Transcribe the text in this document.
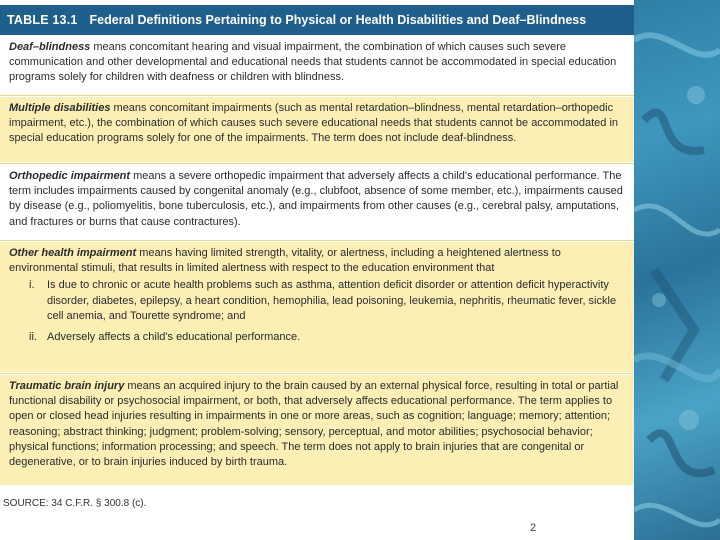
TABLE 13.1 Federal Definitions Pertaining to Physical or Health Disabilities and Deaf–Blindness
Deaf–blindness means concomitant hearing and visual impairment, the combination of which causes such severe communication and other developmental and educational needs that students cannot be accommodated in special education programs solely for children with deafness or children with blindness.
Multiple disabilities means concomitant impairments (such as mental retardation–blindness, mental retardation–orthopedic impairment, etc.), the combination of which causes such severe educational needs that students cannot be accommodated in special education programs solely for one of the impairments. The term does not include deaf-blindness.
Orthopedic impairment means a severe orthopedic impairment that adversely affects a child's educational performance. The term includes impairments caused by congenital anomaly (e.g., clubfoot, absence of some member, etc.), impairments caused by disease (e.g., poliomyelitis, bone tuberculosis, etc.), and impairments from other causes (e.g., cerebral palsy, amputations, and fractures or burns that cause contractures).
Other health impairment means having limited strength, vitality, or alertness, including a heightened alertness to environmental stimuli, that results in limited alertness with respect to the education environment that
i.	Is due to chronic or acute health problems such as asthma, attention deficit disorder or attention deficit hyperactivity disorder, diabetes, epilepsy, a heart condition, hemophilia, lead poisoning, leukemia, nephritis, rheumatic fever, sickle cell anemia, and Tourette syndrome; and
ii. Adversely affects a child's educational performance.
Traumatic brain injury means an acquired injury to the brain caused by an external physical force, resulting in total or partial functional disability or psychosocial impairment, or both, that adversely affects educational performance. The term applies to open or closed head injuries resulting in impairments in one or more areas, such as cognition; language; memory; attention; reasoning; abstract thinking; judgment; problem-solving; sensory, perceptual, and motor abilities; psychosocial behavior; physical functions; information processing; and speech. The term does not apply to brain injuries that are congenital or degenerative, or to brain injuries induced by birth trauma.
SOURCE: 34 C.F.R. § 300.8 (c).
2
